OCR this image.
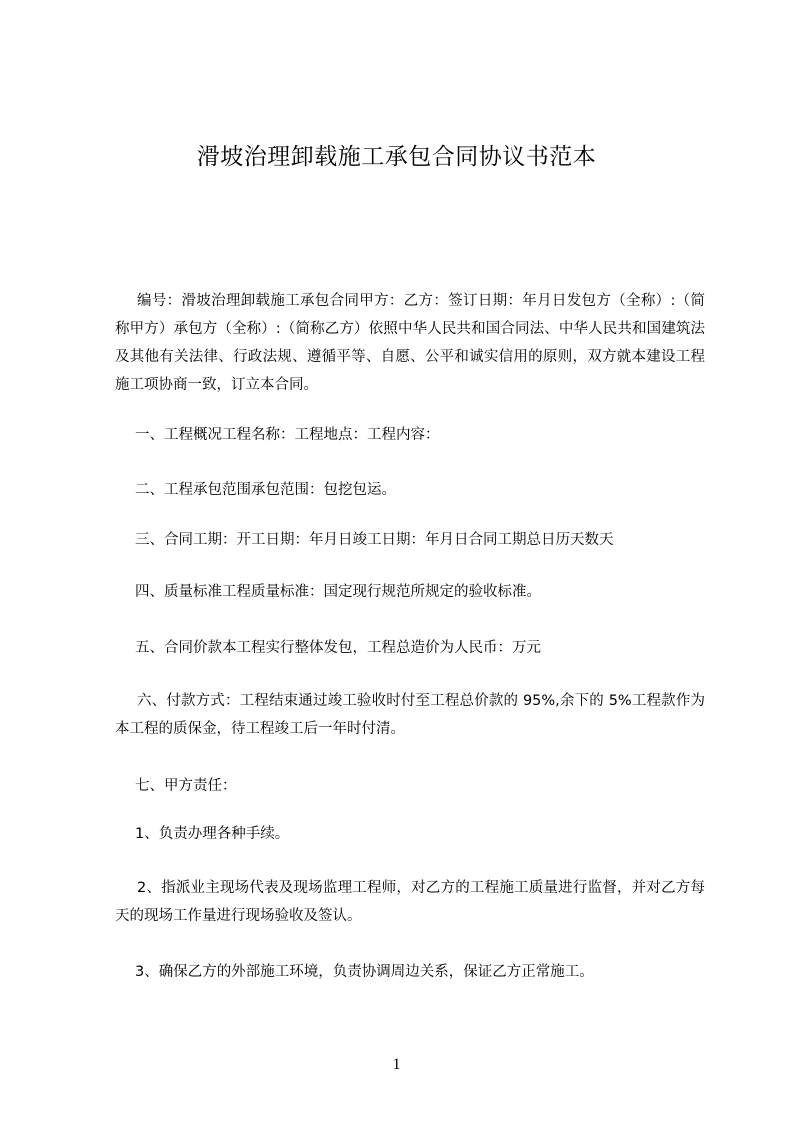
滑坡治理卸载施工承包合同协议书范本

编号：滑坡治理卸载施工承包合同甲方：乙方：签订日期：年月日发包方（全称）:（简称甲方）承包方（全称）:（简称乙方）依照中华人民共和国合同法、中华人民共和国建筑法及其他有关法律、行政法规、遵循平等、自愿、公平和诚实信用的原则，双方就本建设工程施工项协商一致，订立本合同。

一、工程概况工程名称：工程地点：工程内容：

二、工程承包范围承包范围：包挖包运。

三、合同工期：开工日期：年月日竣工日期：年月日合同工期总日历天数天

四、质量标准工程质量标准：国定现行规范所规定的验收标准。

五、合同价款本工程实行整体发包，工程总造价为人民币：万元

六、付款方式：工程结束通过竣工验收时付至工程总价款的 95%,余下的 5%工程款作为本工程的质保金，待工程竣工后一年时付清。

七、甲方责任：

1、负责办理各种手续。

2、指派业主现场代表及现场监理工程师，对乙方的工程施工质量进行监督，并对乙方每天的现场工作量进行现场验收及签认。

3、确保乙方的外部施工环境，负责协调周边关系，保证乙方正常施工。

1
